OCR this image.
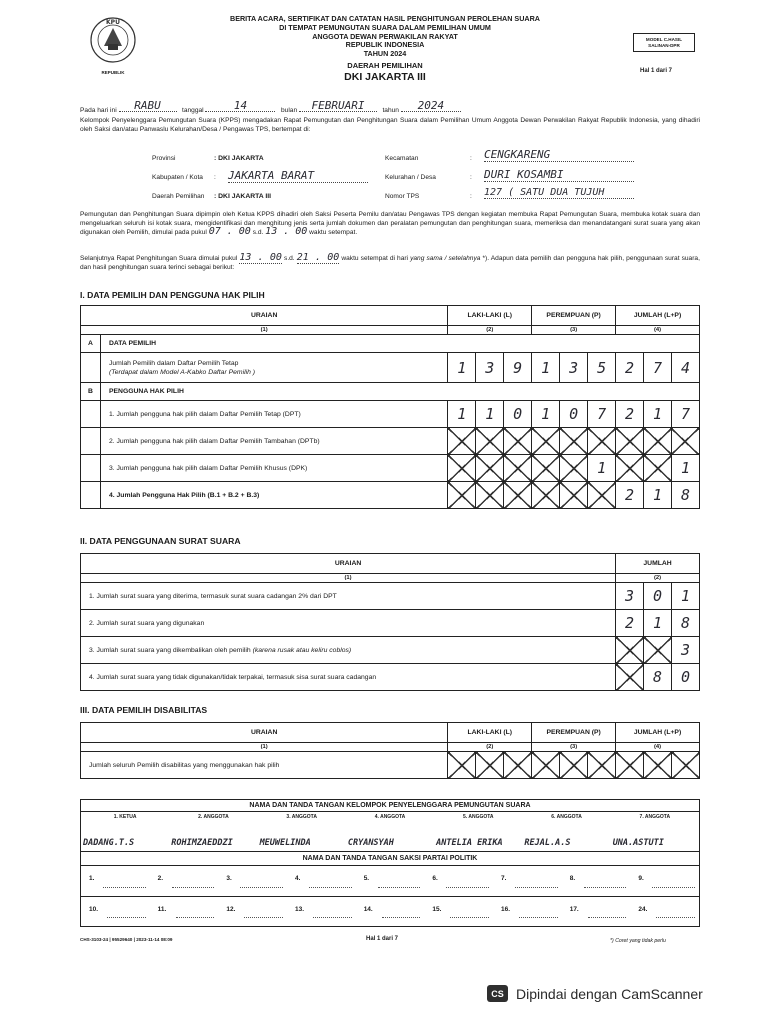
KPU
REPUBLIK
BERITA ACARA, SERTIFIKAT DAN CATATAN HASIL PENGHITUNGAN PEROLEHAN SUARA
DI TEMPAT PEMUNGUTAN SUARA DALAM PEMILIHAN UMUM
ANGGOTA DEWAN PERWAKILAN RAKYAT
REPUBLIK INDONESIA
TAHUN 2024
DAERAH PEMILIHAN
DKI JAKARTA III
MODEL C.HASIL
SALINAN-DPR
Hal 1 dari 7
Pada hari ini	RABU	tanggal	14	bulan	FEBRUARI	tahun	2024
Kelompok Penyelenggara Pemungutan Suara (KPPS) mengadakan Rapat Pemungutan dan Penghitungan Suara dalam Pemilihan Umum Anggota Dewan Perwakilan Rakyat Republik Indonesia, yang dihadiri oleh Saksi dan/atau Panwaslu Kelurahan/Desa / Pengawas TPS, bertempat di:
Provinsi	: DKI JAKARTA
Kabupaten / Kota : JAKARTA BARAT
Daerah Pemilihan : DKI JAKARTA III
Kecamatan	: CENGKARENG
Kelurahan / Desa	: DURI KOSAMBI
Nomor TPS	: 127 ( SATU DUA TUJUH
Pemungutan dan Penghitungan Suara dipimpin oleh Ketua KPPS dihadiri oleh Saksi Peserta Pemilu dan/atau Pengawas TPS dengan kegiatan membuka Rapat Pemungutan Suara, membuka kotak suara dan mengeluarkan seluruh isi kotak suara, mengidentifikasi dan menghitung jenis serta jumlah dokumen dan peralatan pemungutan dan penghitungan suara, memeriksa dan menandatangani surat suara yang akan digunakan oleh Pemilih, dimulai pada pukul 07 . 00 s.d. 13 . 00 waktu setempat.
Selanjutnya Rapat Penghitungan Suara dimulai pukul 13 . 00 s.d. 21 . 00 waktu setempat di hari yang sama / setelahnya *). Adapun data pemilih dan pengguna hak pilih, penggunaan surat suara, dan hasil penghitungan suara terinci sebagai berikut:
I. DATA PEMILIH DAN PENGGUNA HAK PILIH
URAIAN		LAKI-LAKI (L)			PEREMPUAN (P)			JUMLAH (L+P)		
(1)		(2)			(3)			(4)		
A	DATA PEMILIH									

	Jumlah Pemilih dalam Daftar Pemilih Tetap
(Terdapat dalam Model A-Kabko Daftar Pemilih )	1	3	9	1	3	5	2	7	4
B	PENGGUNA HAK PILIH									
	1. Jumlah pengguna hak pilih dalam Daftar Pemilih Tetap (DPT)	1	1	0	1	0	7	2	1	7
	2. Jumlah pengguna hak pilih dalam Daftar Pemilih Tambahan (DPTb)									
	3. Jumlah pengguna hak pilih dalam Daftar Pemilih Khusus (DPK)						1			1
	4. Jumlah Pengguna Hak Pilih (B.1 + B.2 + B.3)							2	1	8
II. DATA PENGGUNAAN SURAT SUARA
URAIAN	JUMLAH		
(1)	(2)		
1. Jumlah surat suara yang diterima, termasuk surat suara cadangan 2% dari DPT	3	0	1
2. Jumlah surat suara yang digunakan	2	1	8
3. Jumlah surat suara yang dikembalikan oleh pemilih (karena rusak atau keliru coblos)			3
4. Jumlah surat suara yang tidak digunakan/tidak terpakai, termasuk sisa surat suara cadangan		8	0
III. DATA PEMILIH DISABILITAS
URAIAN	LAKI-LAKI (L)			PEREMPUAN (P)			JUMLAH (L+P)		
(1)	(2)			(3)			(4)		
Jumlah seluruh Pemilih disabilitas yang menggunakan hak pilih									
NAMA DAN TANDA TANGAN KELOMPOK PENYELENGGARA PEMUNGUTAN SUARA
1. KETUA
DADANG.T.S
2. ANGGOTA
ROHIMZAEDDZI
3. ANGGOTA
MEUWELINDA
4. ANGGOTA
CRYANSYAH
5. ANGGOTA
ANTELIA ERIKA
6. ANGGOTA
REJAL.A.S
7. ANGGOTA
UNA.ASTUTI
NAMA DAN TANDA TANGAN SAKSI PARTAI POLITIK
1.	2.	3.	4.	5.	6.	7.	8.	9.
10.	11.	12.	13.	14.	15.	16.	17.	24.
CHS-3103-24 | 95529640 | 2023-11-14 08:09	Hal 1 dari 7	*) Coret yang tidak perlu
CS Dipindai dengan CamScanner
